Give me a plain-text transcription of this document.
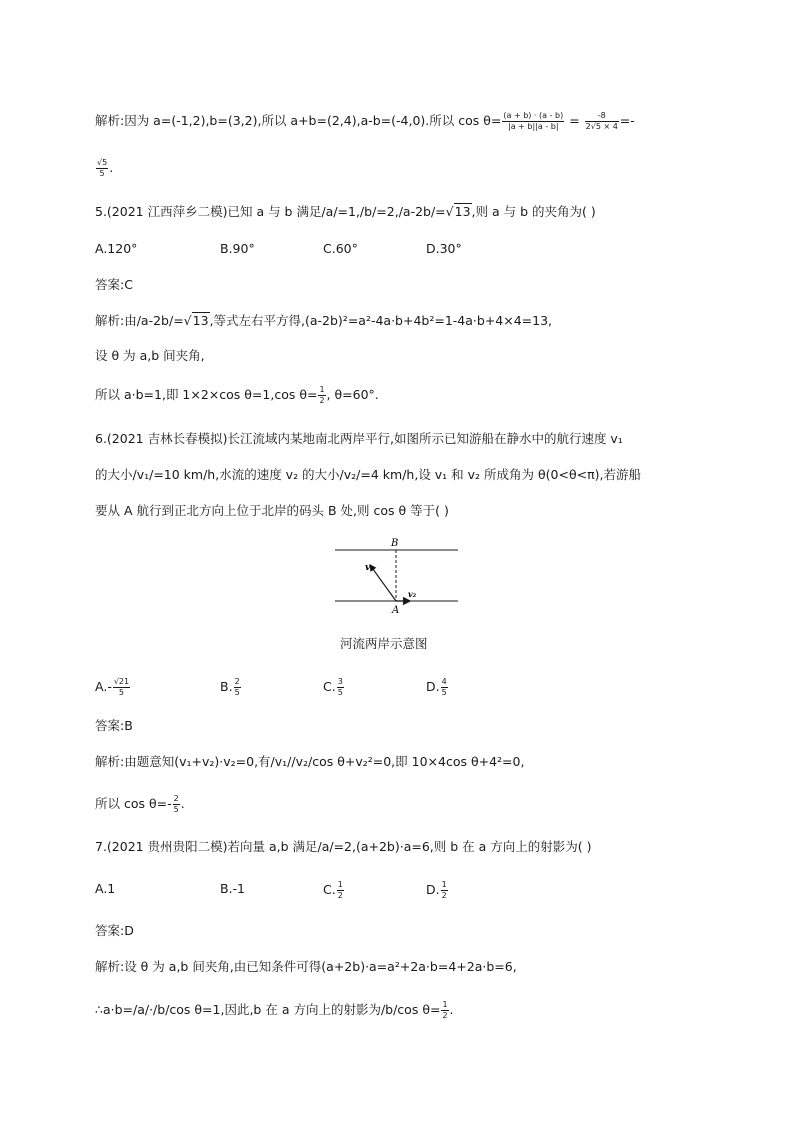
解析:因为 a=(-1,2),b=(3,2),所以 a+b=(2,4),a-b=(-4,0).所以 $\cos \theta= \frac{(a + b) \cdot (a - b)}{|a + b||a - b|} = \frac{-8}{2√5 \times 4}$ =-
$\frac{√5}{5}$ .
5.(2021 江西萍乡二模)已知 a 与 b 满足/a/=1,/b/=2,/a-2b/=√13,则 a 与 b 的夹角为( )
A.120°	B.90°	C.60°	D.30°
答案:C
解析:由/a-2b/=√13,等式左右平方得,(a-2b)²=a²-4a·b+4b²=1-4a·b+4×4=13,
设 θ 为 a,b 间夹角,
所以 a·b=1,即 1×2×cos θ=1,cos $\theta= \frac{1}{2}$ , θ=60°.
6.(2021 吉林长春模拟)长江流域内某地南北两岸平行,如图所示已知游船在静水中的航行速度 v₁
的大小/v₁/=10 km/h,水流的速度 v₂ 的大小/v₂/=4 km/h,设 v₁ 和 v₂ 所成角为 θ(0<θ<π),若游船
要从 A 航行到正北方向上位于北岸的码头 B 处,则 cos θ 等于( )
B
A
v₁
v₂
河流两岸示意图
$A.- \frac{√21}{5}$	B. $\frac{2}{5}$	C. $\frac{3}{5}$	D. $\frac{4}{5}$
答案:B
解析:由题意知(v₁+v₂)·v₂=0,有/v₁//v₂/cos θ+v₂²=0,即 10×4cos θ+4²=0,
所以 $\cos \theta=- \frac{2}{5}$ .
7.(2021 贵州贵阳二模)若向量 a,b 满足/a/=2,(a+2b)·a=6,则 b 在 a 方向上的射影为( )
A.1	B.-1	C. $\frac{1}{2}$	D. $\frac{1}{2}$
答案:D
解析:设 θ 为 a,b 间夹角,由已知条件可得(a+2b)·a=a²+2a·b=4+2a·b=6,
∴a·b=/a/·/b/cos θ=1,因此,b 在 a 方向上的射影为/b/cos $\theta= \frac{1}{2}$ .
